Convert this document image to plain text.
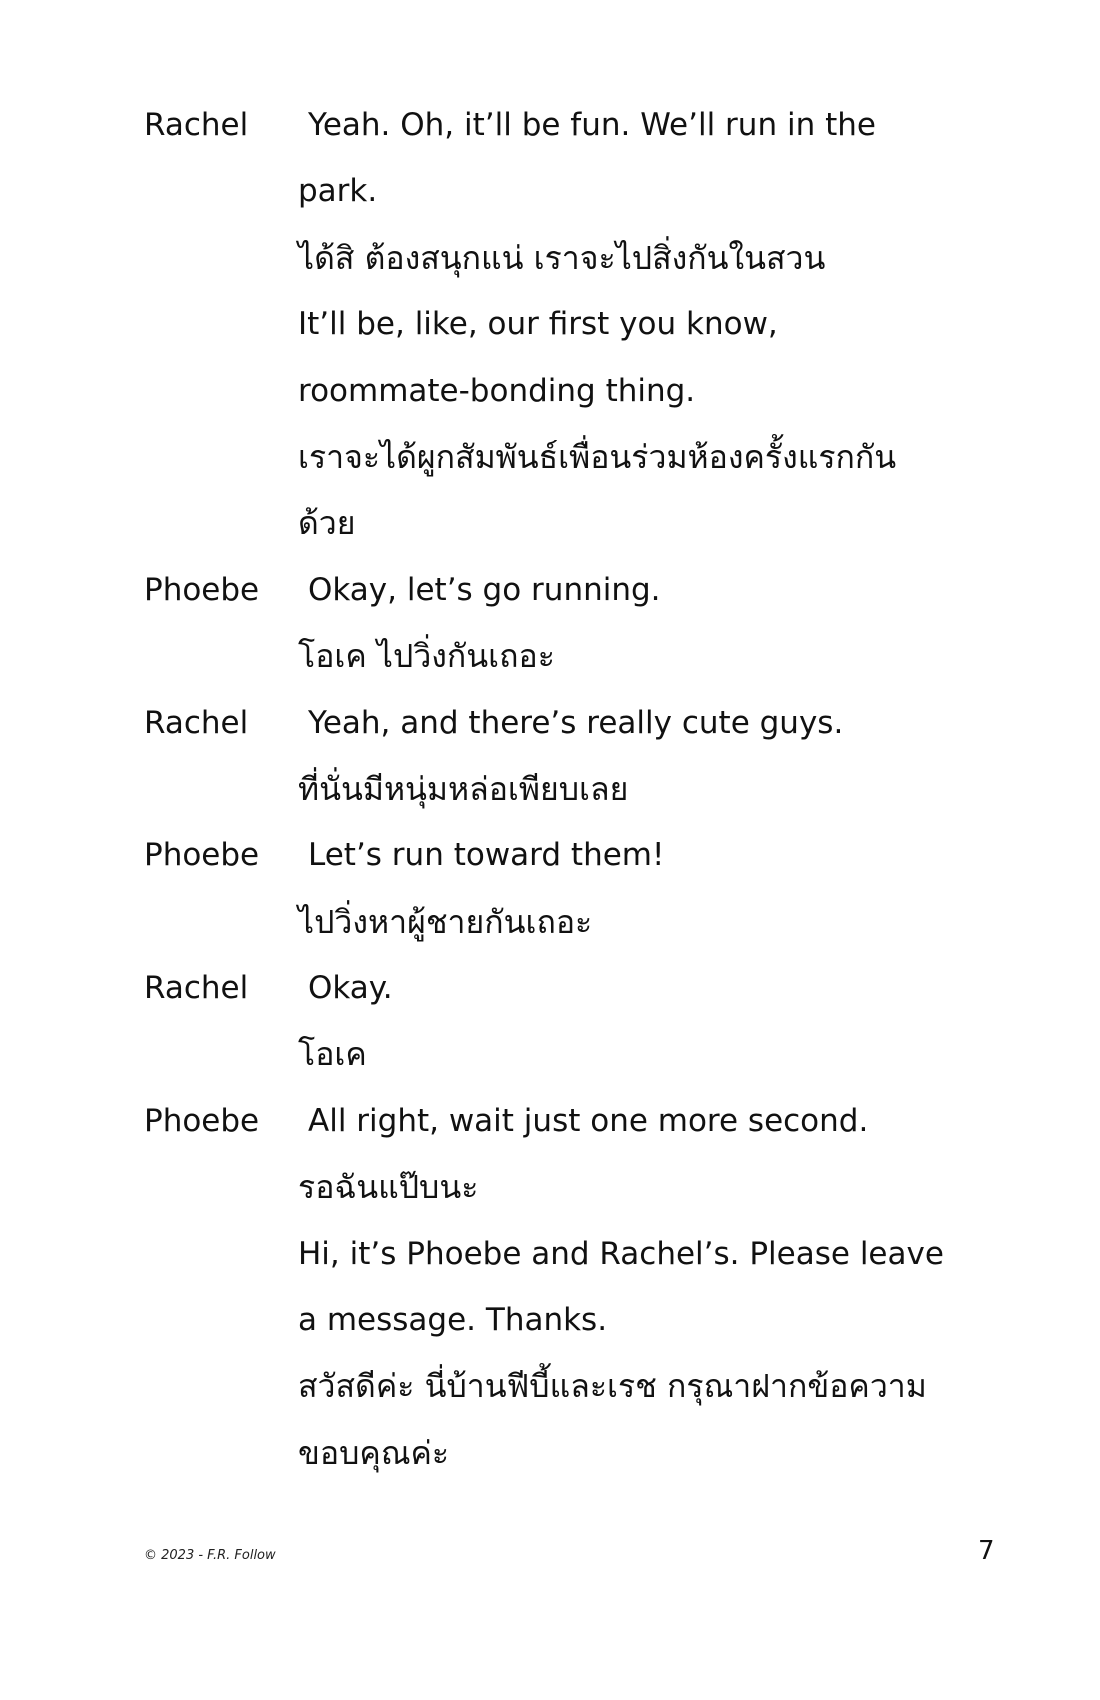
Rachel	Yeah. Oh, it’ll be fun. We’ll run in the
park.
ได้สิ ต้องสนุกแน่ เราจะไปสิ่งกันในสวน
It’ll be, like, our first you know,
roommate-bonding thing.
เราจะได้ผูกสัมพันธ์เพื่อนร่วมห้องครั้งแรกกัน
ด้วย
Phoebe	Okay, let’s go running.
โอเค ไปวิ่งกันเถอะ
Rachel	Yeah, and there’s really cute guys.
ที่นั่นมีหนุ่มหล่อเพียบเลย
Phoebe	Let’s run toward them!
ไปวิ่งหาผู้ชายกันเถอะ
Rachel	Okay.
โอเค
Phoebe	All right, wait just one more second.
รอฉันแป๊บนะ
Hi, it’s Phoebe and Rachel’s. Please leave
a message. Thanks.
สวัสดีค่ะ นี่บ้านฟีบี้และเรช กรุณาฝากข้อความ
ขอบคุณค่ะ
© 2023 - F.R. Follow	7
